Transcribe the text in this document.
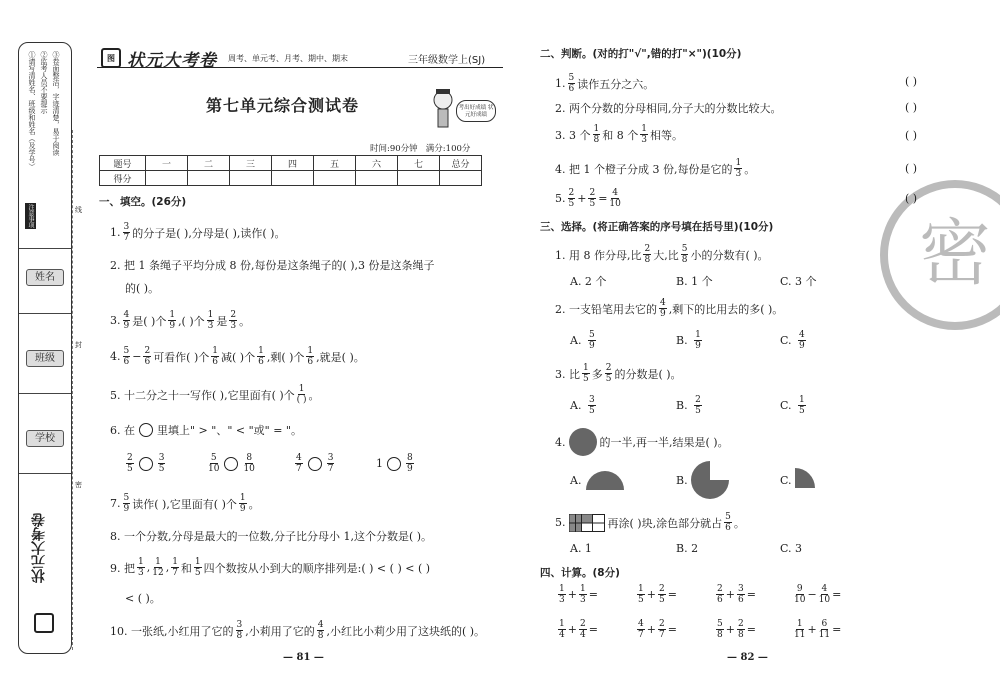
①请写清姓名、班级和姓名（及学号） ②监考人员不要提示 ③卷面整洁，字迹清楚，易于阅读
注意事项
姓名
班级
学校
状元大考卷
线
封
密
图 状元大考卷 周考、单元考、月考、期中、期末	三年级数学上(SJ)
第七单元综合测试卷	考出好成绩 状元好成绩
时间:90分钟 满分:100分
题号	一	二	三	四	五	六	七	总分
得分								
一、填空。(26分)
1. $\frac{3}{7}$ 的分子是( ),分母是( ),读作( )。
2. 把 1 条绳子平均分成 8 份,每份是这条绳子的( ),3 份是这条绳子
的( )。
3. $\frac{4}{9}$ 是( )个 $\frac{1}{9}$ ,( )个 $\frac{1}{3}$ 是 $\frac{2}{3}$ 。
4. $\frac{5}{6} - \frac{2}{6}$ 可看作( )个 $\frac{1}{6}$ 减( )个 $\frac{1}{6}$ ,剩( )个 $\frac{1}{6}$ ,就是( )。
5. 十二分之十一写作( ),它里面有( )个 $\frac{1}{( )}$ 。
6. 在 里填上" > "、" < "或" = "。
$\frac{2}{5}$	$\frac{3}{5}$	$\frac{5}{10}$	$\frac{8}{10}$	$\frac{4}{7}$	$\frac{3}{7}$	1	$\frac{8}{9}$
7. $\frac{5}{9}$ 读作( ),它里面有( )个 $\frac{1}{9}$ 。
8. 一个分数,分母是最大的一位数,分子比分母小 1,这个分数是( )。
9. 把 $\frac{1}{3}$ , $\frac{1}{12}$ , $\frac{1}{7}$ 和 $\frac{1}{5}$ 四个数按从小到大的顺序排列是:( ) < ( ) < ( )
< ( )。
10. 一张纸,小红用了它的 $\frac{3}{8}$ ,小莉用了它的 $\frac{4}{8}$ ,小红比小莉少用了这块纸的( )。
— 81 —
密
二、判断。(对的打"√",错的打"×")(10分)
1. $\frac{5}{6}$ 读作五分之六。
2. 两个分数的分母相同,分子大的分数比较大。
3. 3 个 $\frac{1}{8}$ 和 8 个 $\frac{1}{3}$ 相等。
4. 把 1 个橙子分成 3 份,每份是它的 $\frac{1}{3}$ 。
5. $\frac{2}{5} + \frac{2}{5} = \frac{4}{10}$
( )
( )
( )
( )
( )
三、选择。(将正确答案的序号填在括号里)(10分)
1. 用 8 作分母,比 $\frac{2}{8}$ 大,比 $\frac{5}{8}$ 小的分数有( )。
A. 2 个	B. 1 个	C. 3 个
2. 一支铅笔用去它的 $\frac{4}{9}$ ,剩下的比用去的多( )。
A.
$\frac{5}{9}$	B.
$\frac{1}{9}$	C.
$\frac{4}{9}$
3. 比 $\frac{1}{5}$ 多 $\frac{2}{5}$ 的分数是( )。
A.
$\frac{3}{5}$	B.
$\frac{2}{5}$	C.
$\frac{1}{5}$
4.	的一半,再一半,结果是( )。
A.	B.	C.
5.	再涂( )块,涂色部分就占 $\frac{5}{6}$ 。
A. 1	B. 2	C. 3
四、计算。(8分)
$\frac{1}{3} + \frac{1}{3}$ =	$\frac{1}{5} + \frac{2}{5}$ =	$\frac{2}{6} + \frac{3}{6}$ =	$\frac{9}{10} - \frac{4}{10}$ =
$\frac{1}{4} + \frac{2}{4}$ =	$\frac{4}{7} + \frac{2}{7}$ =	$\frac{5}{8} + \frac{2}{8}$ =	$\frac{1}{11} + \frac{6}{11}$ =
— 82 —
